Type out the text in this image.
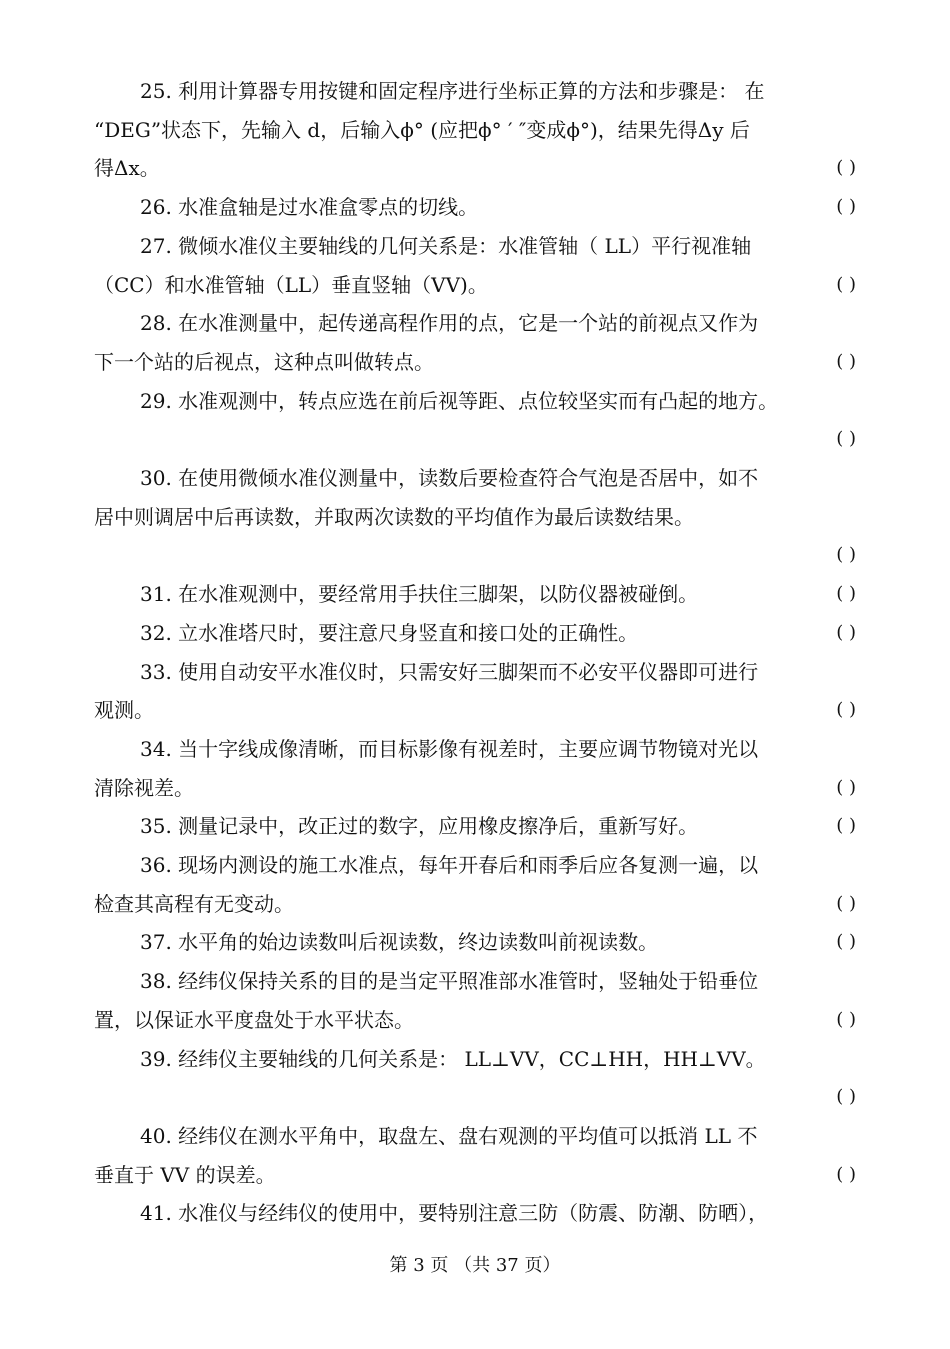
25. 利用计算器专用按键和固定程序进行坐标正算的方法和步骤是： 在
“DEG”状态下，先输入 d，后输入ϕ° (应把ϕ° ′ ″变成ϕ°)，结果先得Δy 后
得Δx。	( )
26. 水准盒轴是过水准盒零点的切线。	( )
27. 微倾水准仪主要轴线的几何关系是：水准管轴（ LL）平行视准轴
（CC）和水准管轴（LL）垂直竖轴（VV)。	( )
28. 在水准测量中，起传递高程作用的点，它是一个站的前视点又作为
下一个站的后视点，这种点叫做转点。	( )
29. 水准观测中，转点应选在前后视等距、点位较坚实而有凸起的地方。
( )
30. 在使用微倾水准仪测量中，读数后要检查符合气泡是否居中，如不
居中则调居中后再读数，并取两次读数的平均值作为最后读数结果。
( )
31. 在水准观测中，要经常用手扶住三脚架，以防仪器被碰倒。	( )
32. 立水准塔尺时，要注意尺身竖直和接口处的正确性。	( )
33. 使用自动安平水准仪时，只需安好三脚架而不必安平仪器即可进行
观测。	( )
34. 当十字线成像清晰，而目标影像有视差时，主要应调节物镜对光以
清除视差。	( )
35. 测量记录中，改正过的数字，应用橡皮擦净后，重新写好。	( )
36. 现场内测设的施工水准点，每年开春后和雨季后应各复测一遍，以
检查其高程有无变动。	( )
37. 水平角的始边读数叫后视读数，终边读数叫前视读数。	( )
38. 经纬仪保持关系的目的是当定平照准部水准管时，竖轴处于铅垂位
置，以保证水平度盘处于水平状态。	( )
39. 经纬仪主要轴线的几何关系是： LL⊥VV，CC⊥HH，HH⊥VV。
( )
40. 经纬仪在测水平角中，取盘左、盘右观测的平均值可以抵消 LL 不
垂直于 VV 的误差。	( )
41. 水准仪与经纬仪的使用中，要特别注意三防（防震、防潮、防晒），
第 3 页 （共 37 页）
